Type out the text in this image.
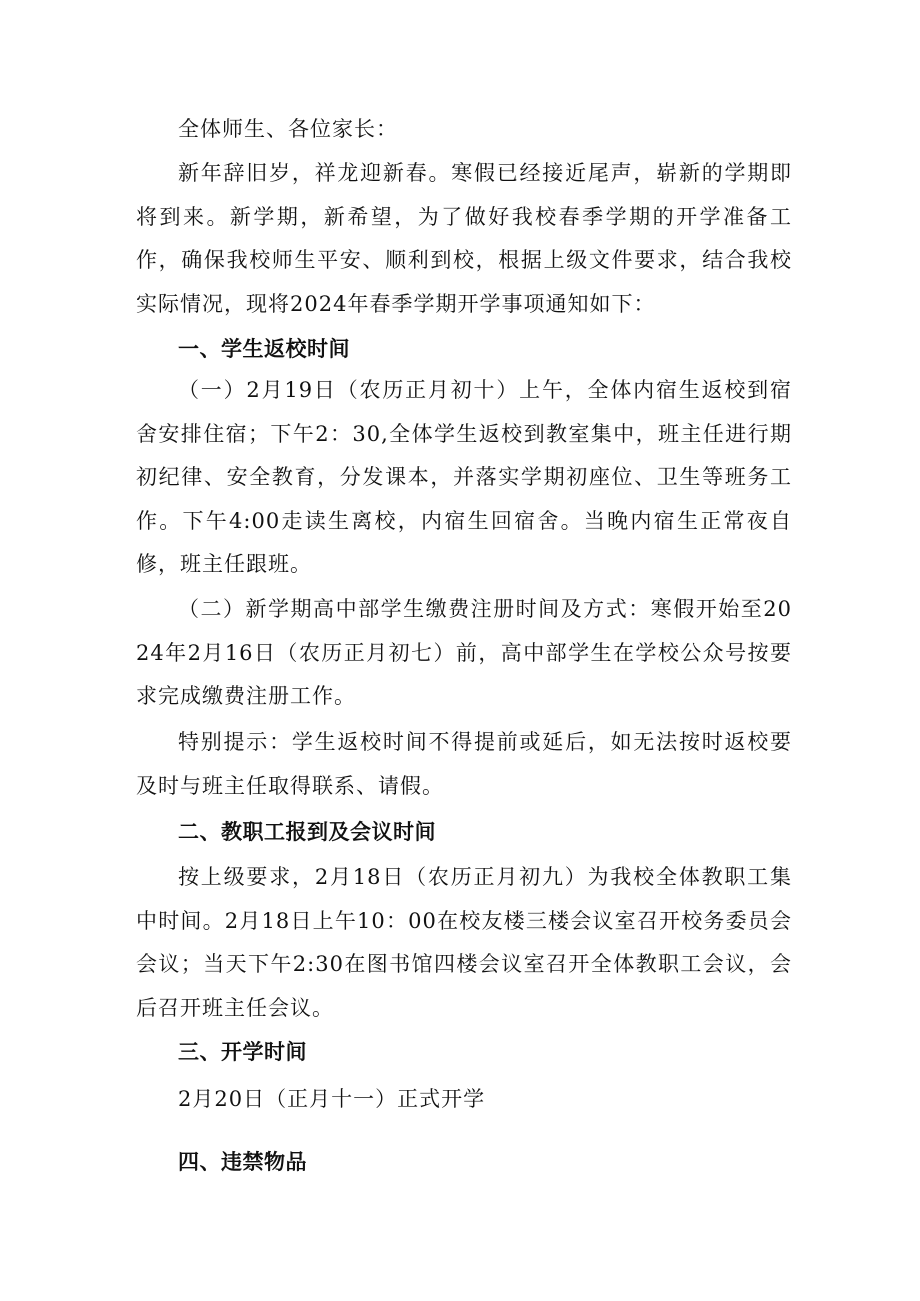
全体师生、各位家长：

新年辞旧岁，祥龙迎新春。寒假已经接近尾声，崭新的学期即将到来。新学期，新希望，为了做好我校春季学期的开学准备工作，确保我校师生平安、顺利到校，根据上级文件要求，结合我校实际情况，现将2024年春季学期开学事项通知如下：

一、学生返校时间

（一）2月19日（农历正月初十）上午，全体内宿生返校到宿舍安排住宿；下午2：30,全体学生返校到教室集中，班主任进行期初纪律、安全教育，分发课本，并落实学期初座位、卫生等班务工作。下午4:00走读生离校，内宿生回宿舍。当晚内宿生正常夜自修，班主任跟班。

（二）新学期高中部学生缴费注册时间及方式：寒假开始至2024年2月16日（农历正月初七）前，高中部学生在学校公众号按要求完成缴费注册工作。

特别提示：学生返校时间不得提前或延后，如无法按时返校要及时与班主任取得联系、请假。

二、教职工报到及会议时间

按上级要求，2月18日（农历正月初九）为我校全体教职工集中时间。2月18日上午10：00在校友楼三楼会议室召开校务委员会会议；当天下午2:30在图书馆四楼会议室召开全体教职工会议，会后召开班主任会议。

三、开学时间

2月20日（正月十一）正式开学

四、违禁物品
